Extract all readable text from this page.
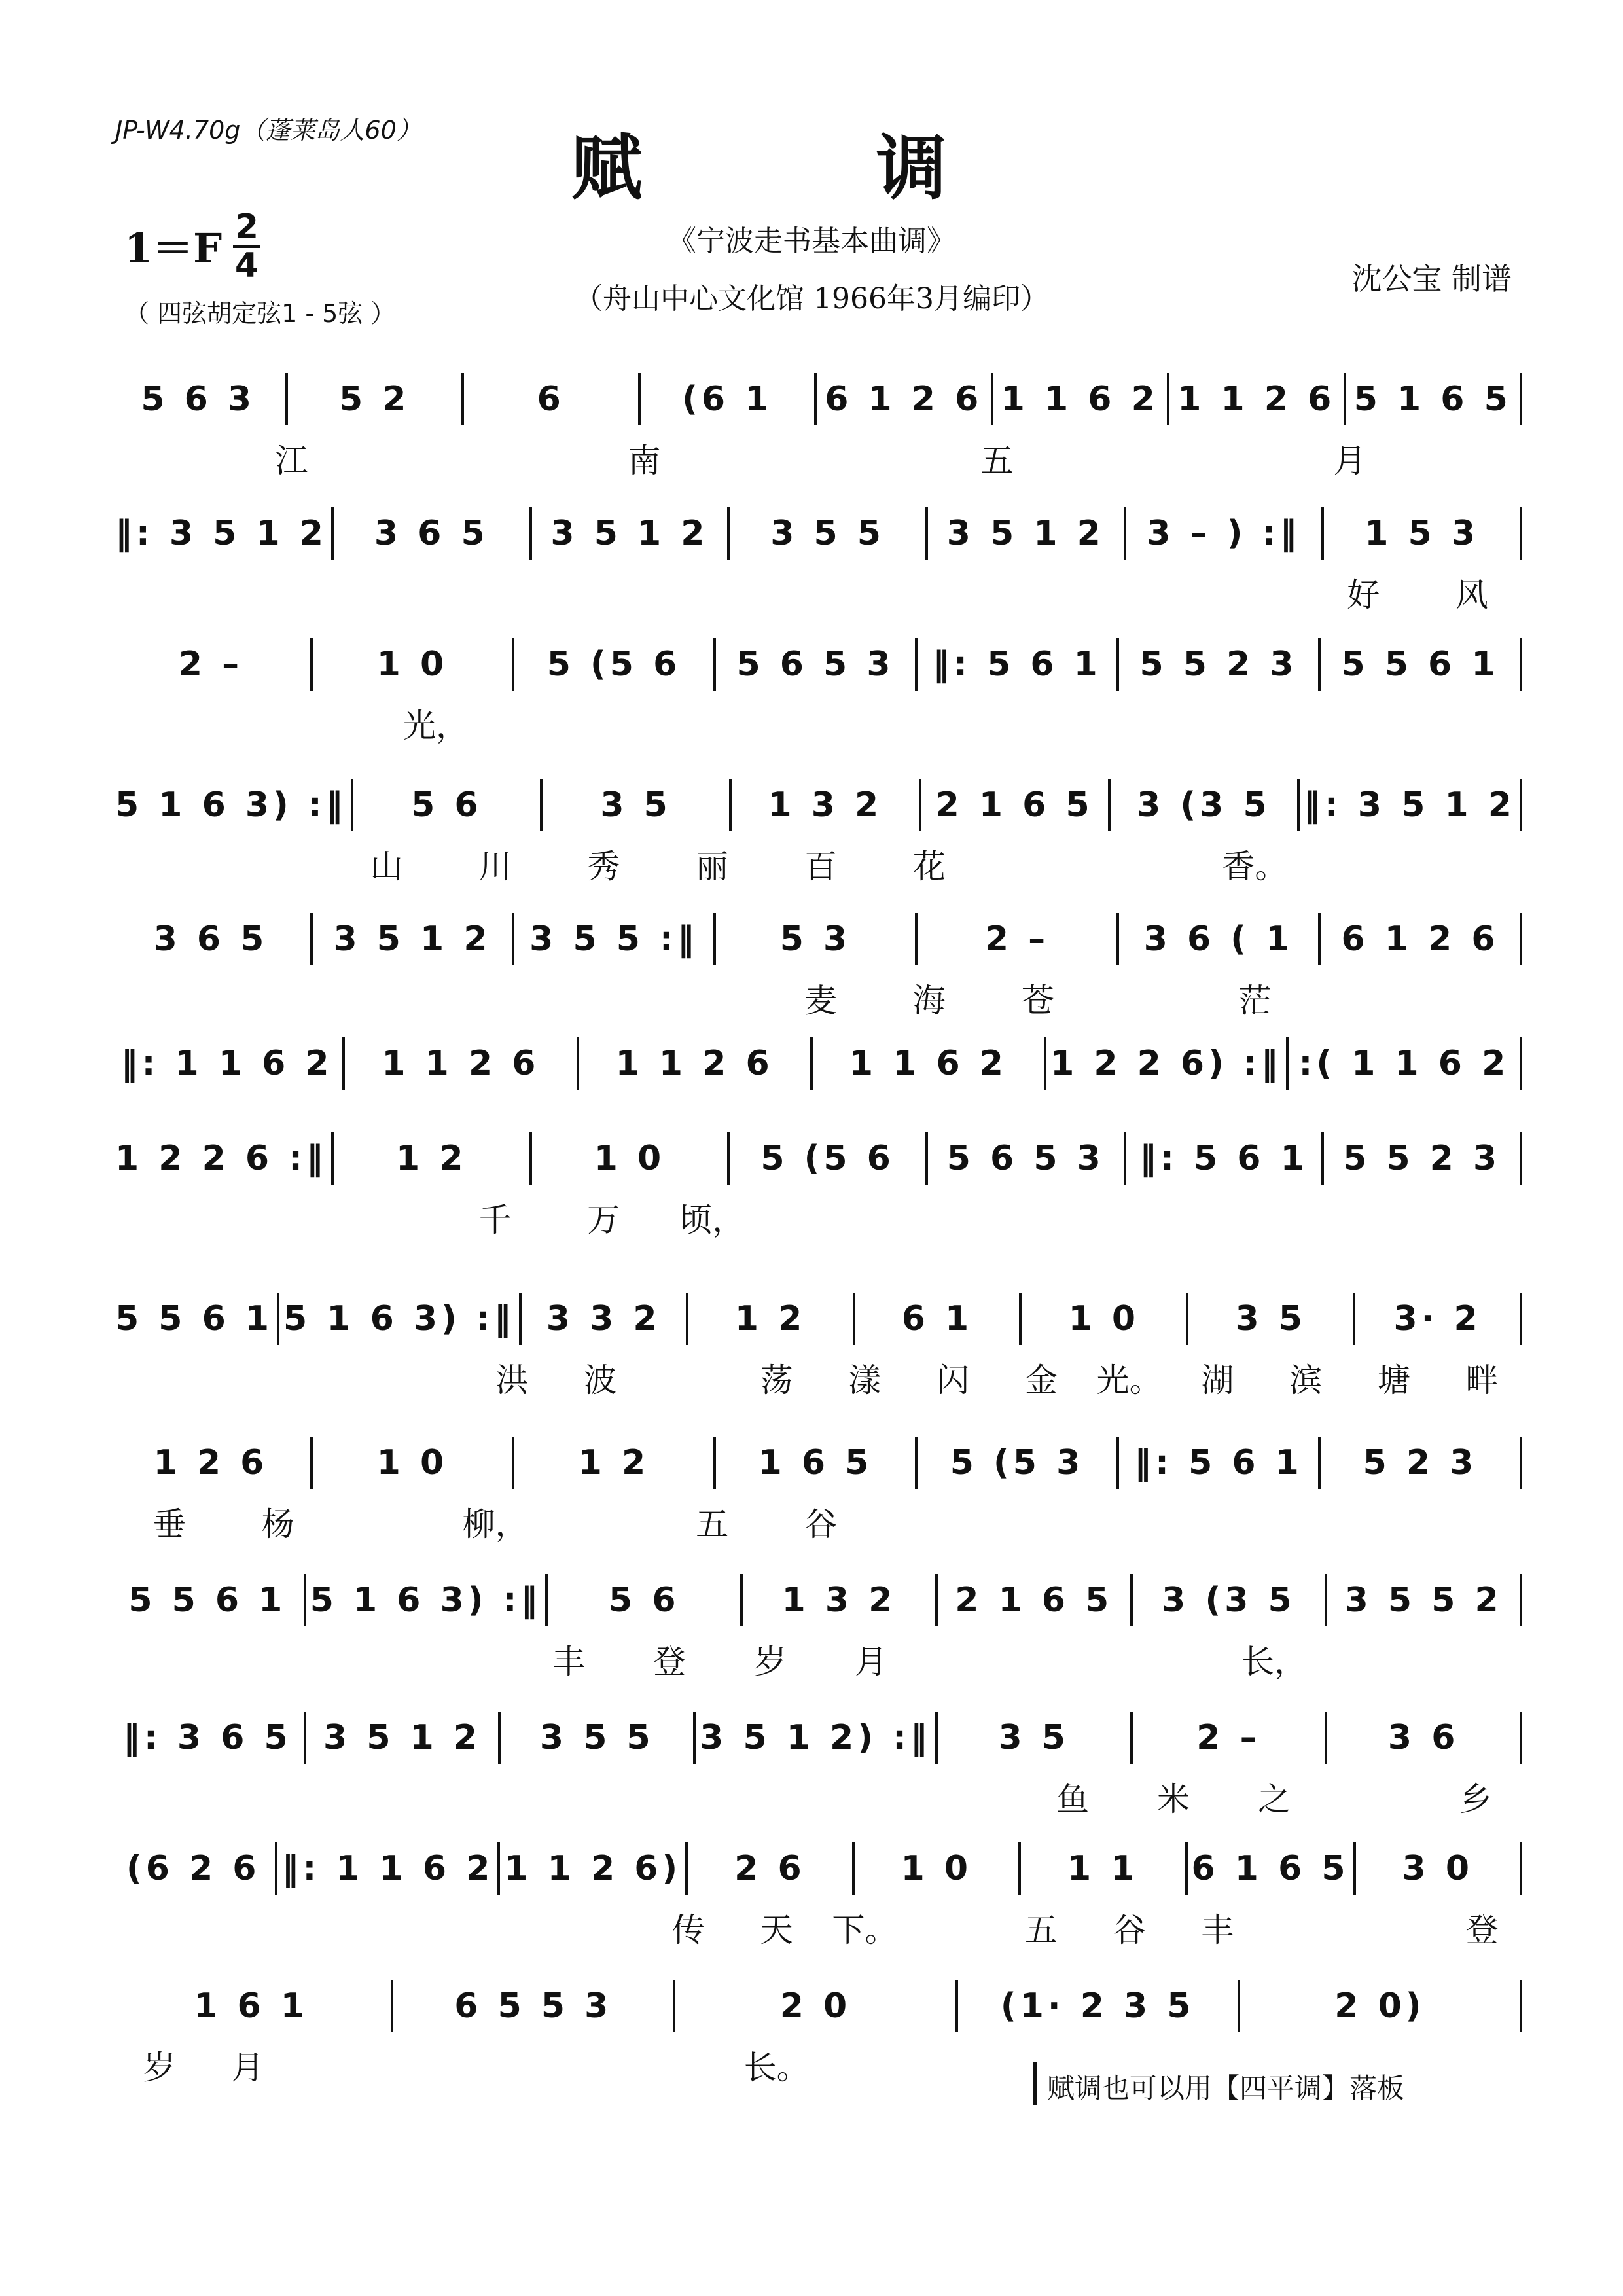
JP-W4.70g（蓬莱岛人60）	赋 调
《宁波走书基本曲调》
（舟山中心文化馆 1966年3月编印）
沈公宝 制谱
1＝F 2
4
（ 四弦胡定弦1 - 5弦 ）
5 6 3	5 2	6	(6 1	6 1 2 6 1 1 6 2 1 1 2 6 5 1 6 5
江	南	五	月
‖: 3 5 1 2	3 6 5	3 5 1 2	3 5 5	3 5 1 2	3 – ) :‖	1 5 3
好	风
2 –	1 0	5 (5 6	5 6 5 3	‖: 5 6 1	5 5 2 3	5 5 6 1
光，
5 1 6 3) :‖	5 6	3 5	1 3 2	2 1 6 5	3 (3 5 ‖: 3 5 1 2
山	川	秀	丽	百	花	香。
3 6 5	3 5 1 2	3 5 5 :‖	5 3	2 –	3 6 ( 1	6 1 2 6
麦	海	苍	茫
‖: 1 1 6 2	1 1 2 6	1 1 2 6	1 1 6 2	1 2 2 6) :‖ :( 1 1 6 2
1 2 2 6 :‖	1 2	1 0	5 (5 6	5 6 5 3	‖: 5 6 1	5 5 2 3
千	万	顷，
5 5 6 1 5 1 6 3) :‖ 3 3 2	1 2	6 1	1 0	3 5	3· 2
洪	波	荡	漾	闪	金	光。	湖	滨	塘	畔
1 2 6	1 0	1 2	1 6 5	5 (5 3	‖: 5 6 1	5 2 3
垂	杨	柳，	五	谷
5 5 6 1 5 1 6 3) :‖	5 6	1 3 2	2 1 6 5	3 (3 5	3 5 5 2
丰	登	岁	月	长，
‖: 3 6 5 3 5 1 2	3 5 5	3 5 1 2) :‖	3 5	2 –	3 6
鱼	米	之	乡
(6 2 6 ‖: 1 1 6 2 1 1 2 6)	2 6	1 0	1 1	6 1 6 5	3 0
传	天	下。	五	谷	丰	登
1 6 1	6 5 5 3	2 0	(1· 2 3 5	2 0)
岁	月	长。
赋调也可以用【四平调】落板
